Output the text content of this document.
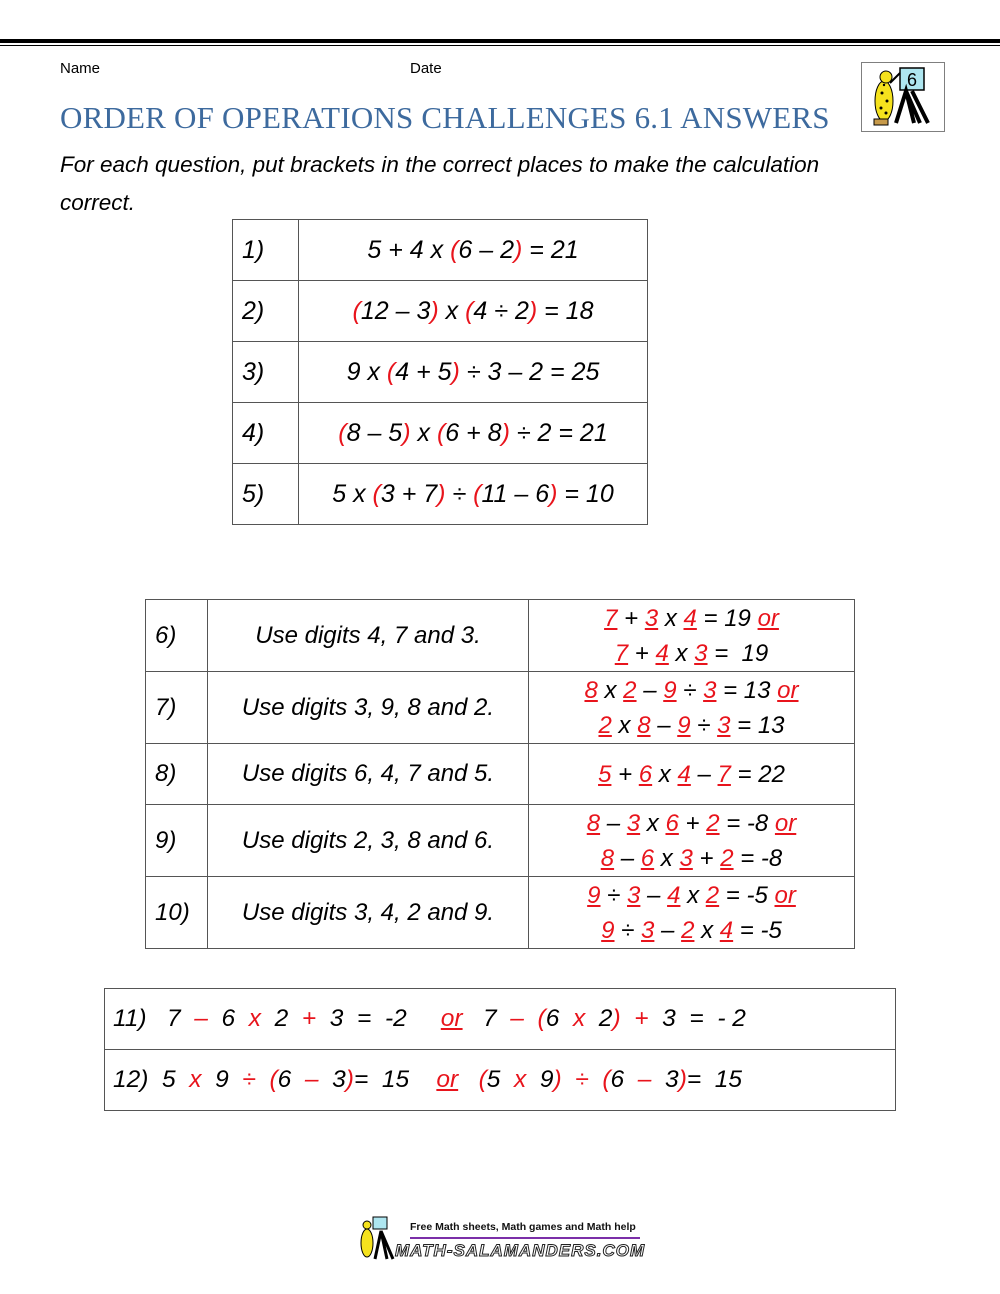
Name	Date
6
ORDER OF OPERATIONS CHALLENGES 6.1 ANSWERS
For each question, put brackets in the correct places to make the calculation correct.
1)	5 + 4 x (6 – 2) = 21
2)	(12 – 3) x (4 ÷ 2) = 18
3)	9 x (4 + 5) ÷ 3 – 2 = 25
4)	(8 – 5) x (6 + 8) ÷ 2 = 21
5)	5 x (3 + 7) ÷ (11 – 6) = 10
6)	Use digits 4, 7 and 3.	7 + 3 x 4 = 19 or
7 + 4 x 3 =  19

7)	Use digits 3, 9, 8 and 2.	8 x 2 – 9 ÷ 3 = 13 or
2 x 8 – 9 ÷ 3 = 13

8)	Use digits 6, 4, 7 and 5.	5 + 6 x 4 – 7 = 22

9)	Use digits 2, 3, 8 and 6.	8 – 3 x 6 + 2 = -8 or
8 – 6 x 3 + 2 = -8

10)	Use digits 3, 4, 2 and 9.	9 ÷ 3 – 4 x 2 = -5 or
9 ÷ 3 – 2 x 4 = -5
11)   7  –  6  x  2  +  3  =  -2     or   7  – (6  x  2) +  3  =  - 2
12)  5  x  9  ÷ (6  –  3)=  15    or (5  x  9) ÷ (6  –  3)=  15
Free Math sheets, Math games and Math help
MATH-SALAMANDERS.COM
